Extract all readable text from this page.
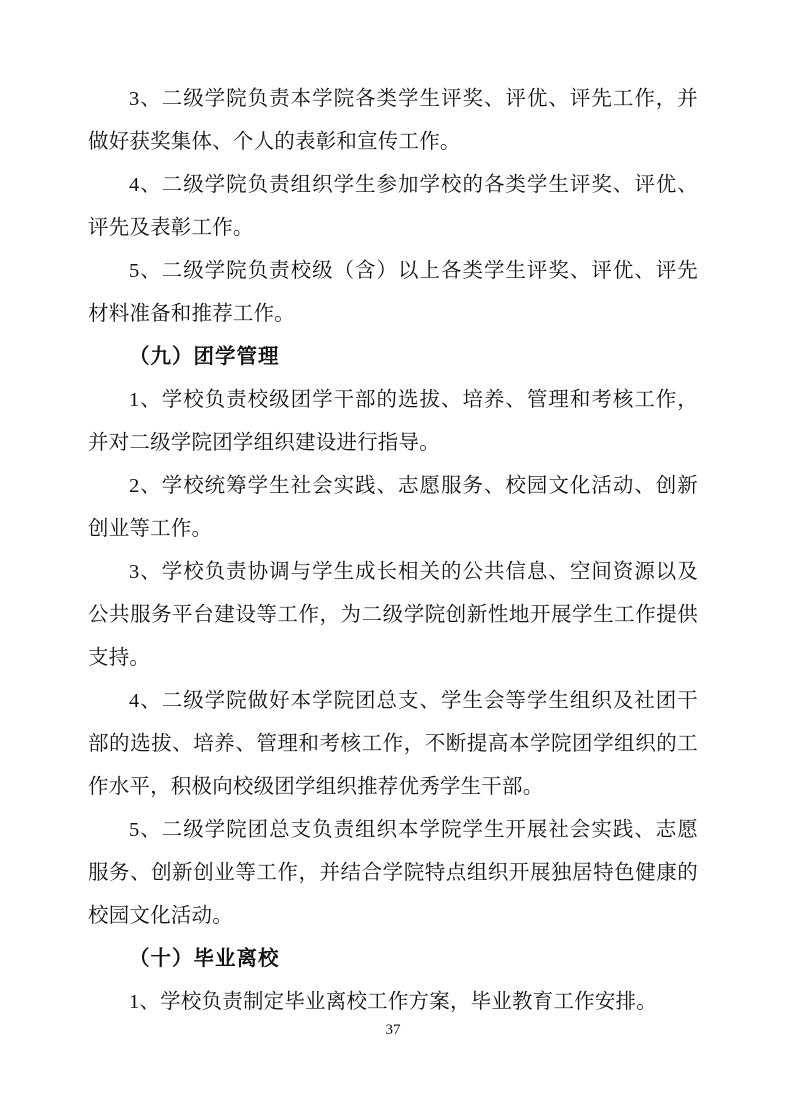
3、二级学院负责本学院各类学生评奖、评优、评先工作，并做好获奖集体、个人的表彰和宣传工作。

4、二级学院负责组织学生参加学校的各类学生评奖、评优、评先及表彰工作。

5、二级学院负责校级（含）以上各类学生评奖、评优、评先材料准备和推荐工作。

（九）团学管理

1、学校负责校级团学干部的选拔、培养、管理和考核工作，并对二级学院团学组织建设进行指导。

2、学校统筹学生社会实践、志愿服务、校园文化活动、创新创业等工作。

3、学校负责协调与学生成长相关的公共信息、空间资源以及公共服务平台建设等工作，为二级学院创新性地开展学生工作提供支持。

4、二级学院做好本学院团总支、学生会等学生组织及社团干部的选拔、培养、管理和考核工作，不断提高本学院团学组织的工作水平，积极向校级团学组织推荐优秀学生干部。

5、二级学院团总支负责组织本学院学生开展社会实践、志愿服务、创新创业等工作，并结合学院特点组织开展独居特色健康的校园文化活动。

（十）毕业离校

1、学校负责制定毕业离校工作方案，毕业教育工作安排。

37
